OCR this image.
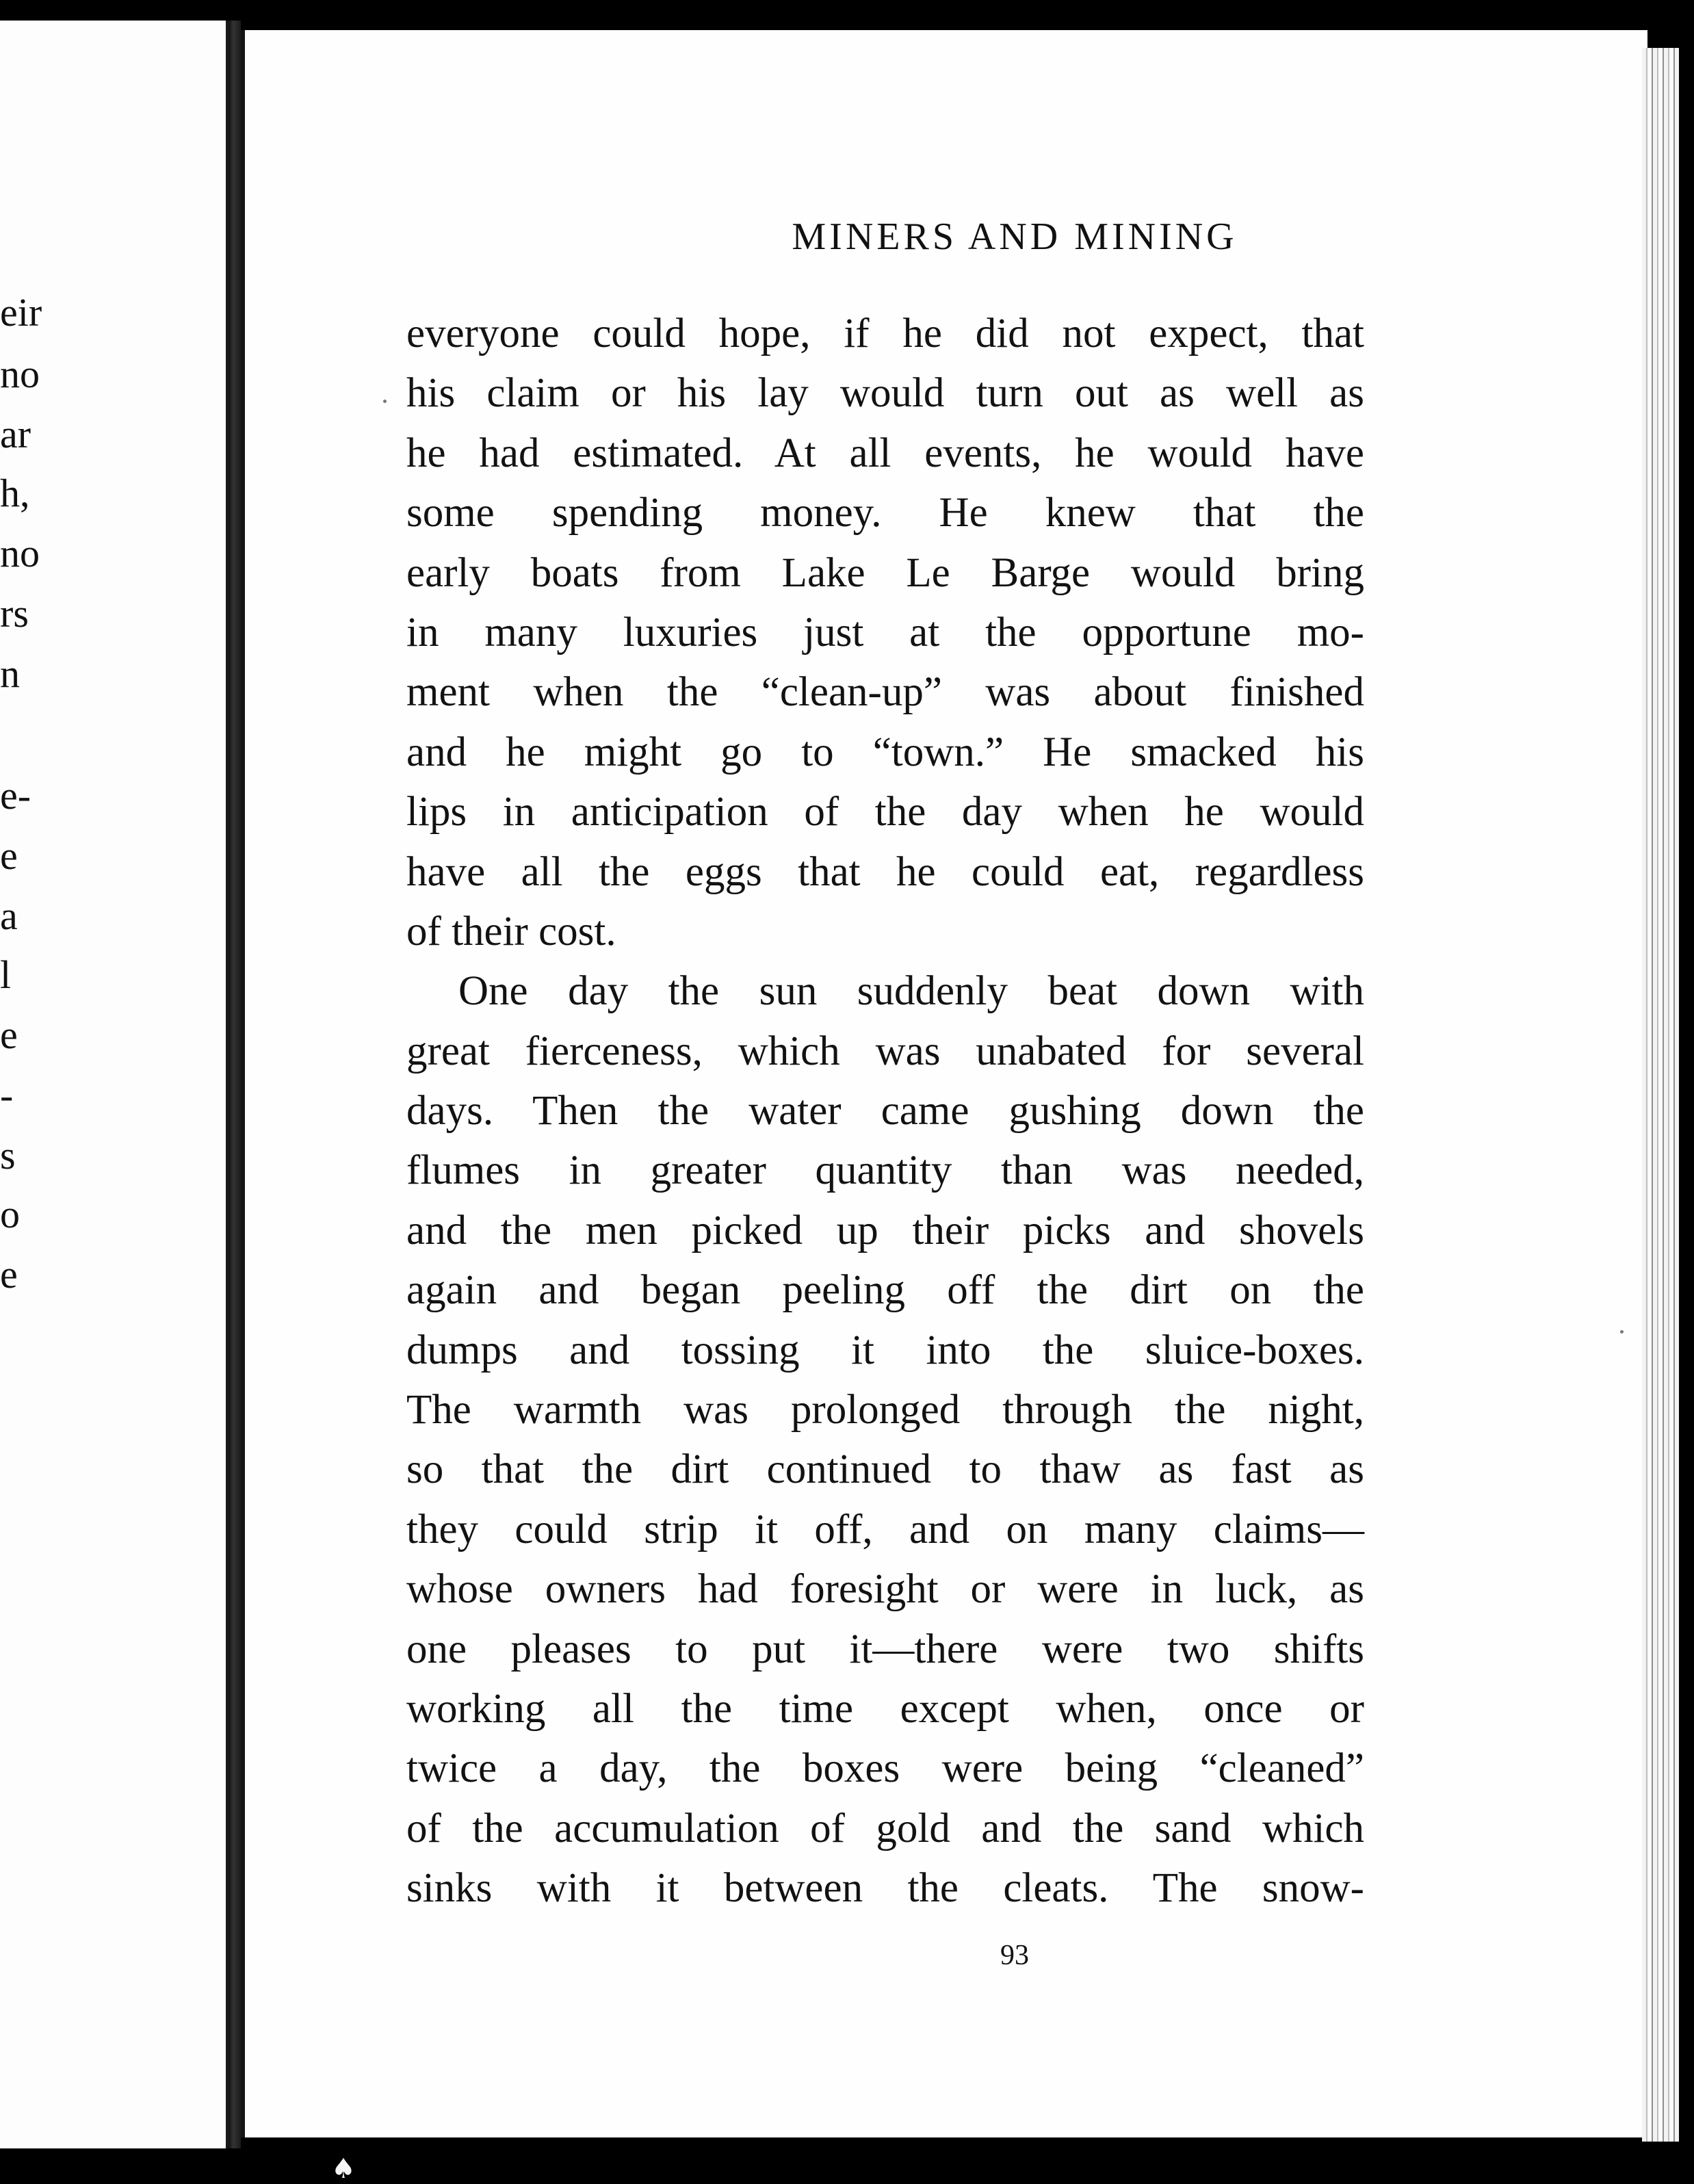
eir
no
ar
h,
no
rs
n
e-
e
a
l
e
-
s
o
e
MINERS AND MINING
everyone could hope, if he did not expect, that
his claim or his lay would turn out as well as
he had estimated. At all events, he would have
some spending money. He knew that the
early boats from Lake Le Barge would bring
in many luxuries just at the opportune mo-
ment when the “clean-up” was about finished
and he might go to “town.” He smacked his
lips in anticipation of the day when he would
have all the eggs that he could eat, regardless
of their cost.
One day the sun suddenly beat down with
great fierceness, which was unabated for several
days. Then the water came gushing down the
flumes in greater quantity than was needed,
and the men picked up their picks and shovels
again and began peeling off the dirt on the
dumps and tossing it into the sluice-boxes.
The warmth was prolonged through the night,
so that the dirt continued to thaw as fast as
they could strip it off, and on many claims—
whose owners had foresight or were in luck, as
one pleases to put it—there were two shifts
working all the time except when, once or
twice a day, the boxes were being “cleaned”
of the accumulation of gold and the sand which
sinks with it between the cleats. The snow-
93
♠
